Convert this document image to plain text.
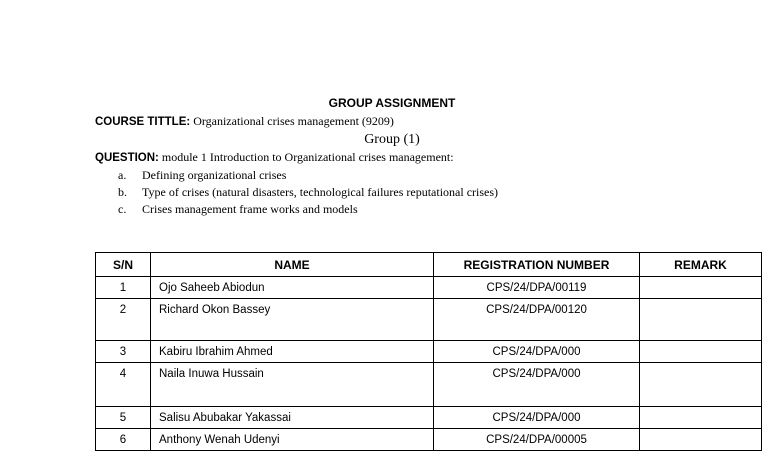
GROUP ASSIGNMENT
COURSE TITTLE: Organizational crises management (9209)
Group (1)
QUESTION: module 1 Introduction to Organizational crises management:
a. Defining organizational crises
b. Type of crises (natural disasters, technological failures reputational crises)
c. Crises management frame works and models
S/N	NAME	REGISTRATION NUMBER	REMARK
1	Ojo Saheeb Abiodun	CPS/24/DPA/00119	
2	Richard Okon Bassey	CPS/24/DPA/00120	
3	Kabiru Ibrahim Ahmed	CPS/24/DPA/000	
4	Naila Inuwa Hussain	CPS/24/DPA/000	
5	Salisu Abubakar Yakassai	CPS/24/DPA/000	
6	Anthony Wenah Udenyi	CPS/24/DPA/00005	
